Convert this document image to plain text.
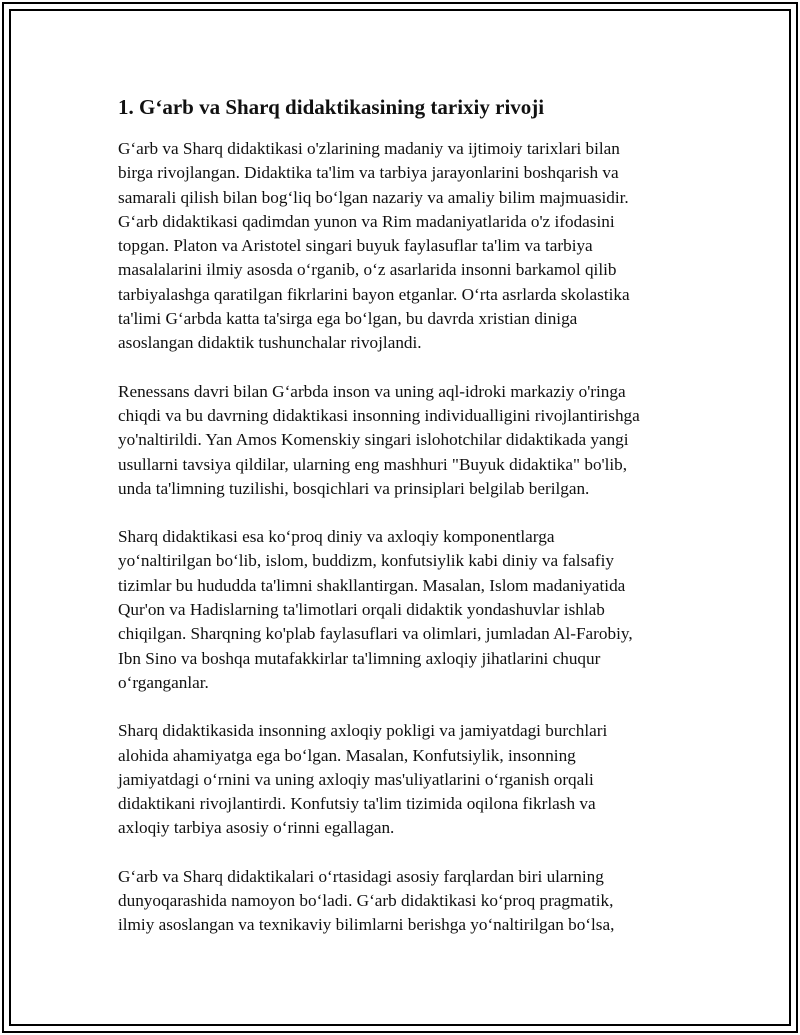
1. G‘arb va Sharq didaktikasining tarixiy rivoji

G‘arb va Sharq didaktikasi o'zlarining madaniy va ijtimoiy tarixlari bilan
birga rivojlangan. Didaktika ta'lim va tarbiya jarayonlarini boshqarish va
samarali qilish bilan bog‘liq bo‘lgan nazariy va amaliy bilim majmuasidir.
G‘arb didaktikasi qadimdan yunon va Rim madaniyatlarida o'z ifodasini
topgan. Platon va Aristotel singari buyuk faylasuflar ta'lim va tarbiya
masalalarini ilmiy asosda o‘rganib, o‘z asarlarida insonni barkamol qilib
tarbiyalashga qaratilgan fikrlarini bayon etganlar. O‘rta asrlarda skolastika
ta'limi G‘arbda katta ta'sirga ega bo‘lgan, bu davrda xristian diniga
asoslangan didaktik tushunchalar rivojlandi.

Renessans davri bilan G‘arbda inson va uning aql-idroki markaziy o'ringa
chiqdi va bu davrning didaktikasi insonning individualligini rivojlantirishga
yo'naltirildi. Yan Amos Komenskiy singari islohotchilar didaktikada yangi
usullarni tavsiya qildilar, ularning eng mashhuri "Buyuk didaktika" bo'lib,
unda ta'limning tuzilishi, bosqichlari va prinsiplari belgilab berilgan.

Sharq didaktikasi esa ko‘proq diniy va axloqiy komponentlarga
yo‘naltirilgan bo‘lib, islom, buddizm, konfutsiylik kabi diniy va falsafiy
tizimlar bu hududda ta'limni shakllantirgan. Masalan, Islom madaniyatida
Qur'on va Hadislarning ta'limotlari orqali didaktik yondashuvlar ishlab
chiqilgan. Sharqning ko'plab faylasuflari va olimlari, jumladan Al-Farobiy,
Ibn Sino va boshqa mutafakkirlar ta'limning axloqiy jihatlarini chuqur
o‘rganganlar.

Sharq didaktikasida insonning axloqiy pokligi va jamiyatdagi burchlari
alohida ahamiyatga ega bo‘lgan. Masalan, Konfutsiylik, insonning
jamiyatdagi o‘rnini va uning axloqiy mas'uliyatlarini o‘rganish orqali
didaktikani rivojlantirdi. Konfutsiy ta'lim tizimida oqilona fikrlash va
axloqiy tarbiya asosiy o‘rinni egallagan.

G‘arb va Sharq didaktikalari o‘rtasidagi asosiy farqlardan biri ularning
dunyoqarashida namoyon bo‘ladi. G‘arb didaktikasi ko‘proq pragmatik,
ilmiy asoslangan va texnikaviy bilimlarni berishga yo‘naltirilgan bo‘lsa,
